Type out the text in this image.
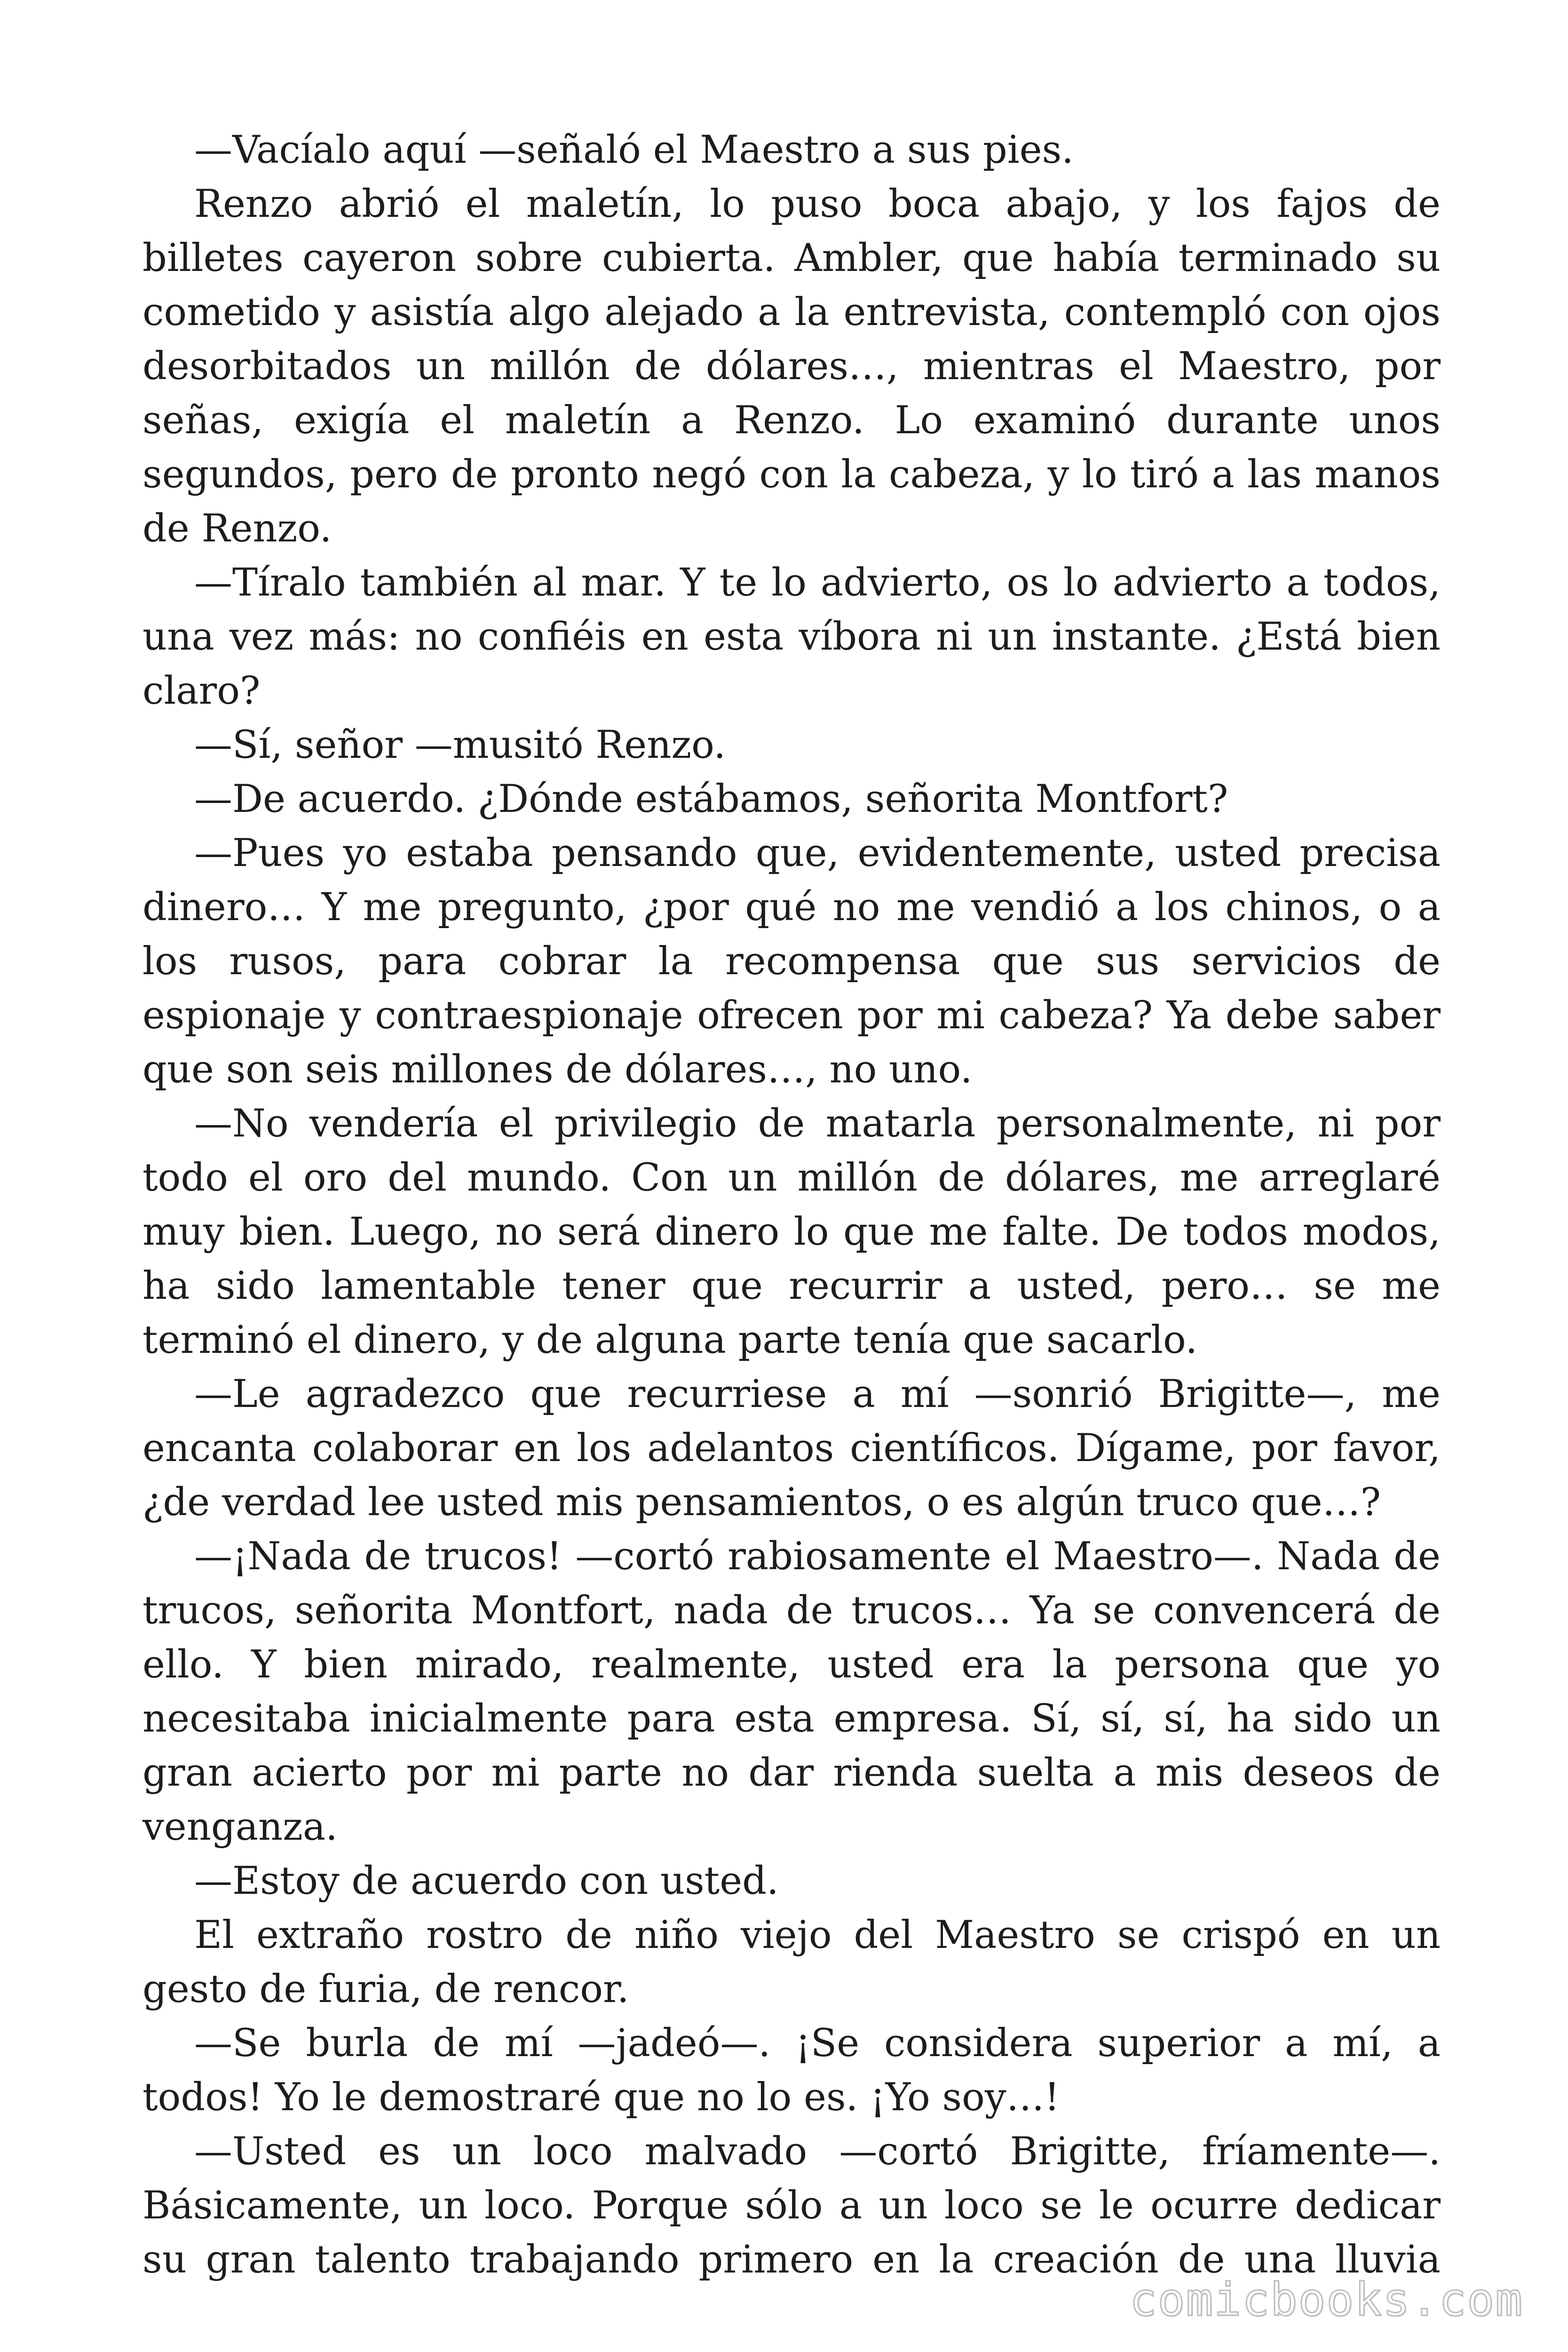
—Vacíalo aquí —señaló el Maestro a sus pies.

Renzo abrió el maletín, lo puso boca abajo, y los fajos de billetes cayeron sobre cubierta. Ambler, que había terminado su cometido y asistía algo alejado a la entrevista, contempló con ojos desorbitados un millón de dólares…, mientras el Maestro, por señas, exigía el maletín a Renzo. Lo examinó durante unos segundos, pero de pronto negó con la cabeza, y lo tiró a las manos de Renzo.

—Tíralo también al mar. Y te lo advierto, os lo advierto a todos, una vez más: no confiéis en esta víbora ni un instante. ¿Está bien claro?

—Sí, señor —musitó Renzo.

—De acuerdo. ¿Dónde estábamos, señorita Montfort?

—Pues yo estaba pensando que, evidentemente, usted precisa dinero… Y me pregunto, ¿por qué no me vendió a los chinos, o a los rusos, para cobrar la recompensa que sus servicios de espionaje y contraespionaje ofrecen por mi cabeza? Ya debe saber que son seis millones de dólares…, no uno.

—No vendería el privilegio de matarla personalmente, ni por todo el oro del mundo. Con un millón de dólares, me arreglaré muy bien. Luego, no será dinero lo que me falte. De todos modos, ha sido lamentable tener que recurrir a usted, pero… se me terminó el dinero, y de alguna parte tenía que sacarlo.

—Le agradezco que recurriese a mí —sonrió Brigitte—, me encanta colaborar en los adelantos científicos. Dígame, por favor, ¿de verdad lee usted mis pensamientos, o es algún truco que…?

—¡Nada de trucos! —cortó rabiosamente el Maestro—. Nada de trucos, señorita Montfort, nada de trucos… Ya se convencerá de ello. Y bien mirado, realmente, usted era la persona que yo necesitaba inicialmente para esta empresa. Sí, sí, sí, ha sido un gran acierto por mi parte no dar rienda suelta a mis deseos de venganza.

—Estoy de acuerdo con usted.

El extraño rostro de niño viejo del Maestro se crispó en un gesto de furia, de rencor.

—Se burla de mí —jadeó—. ¡Se considera superior a mí, a todos! Yo le demostraré que no lo es. ¡Yo soy…!

—Usted es un loco malvado —cortó Brigitte, fríamente—. Básicamente, un loco. Porque sólo a un loco se le ocurre dedicar su gran talento trabajando primero en la creación de una lluvia

comicbooks.com
